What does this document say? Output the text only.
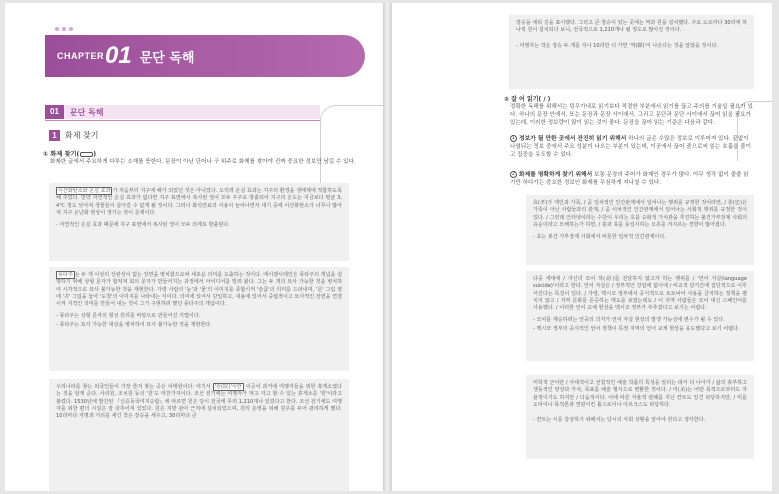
CHAPTER 01 문단 독해
01	문단 독해
1	화제 찾기
① 화제 찾기( )
화제란 글에서 주요하게 다루는 소재를 뜻한다. 문장이 아닌 단어나 구 위주로 화제를 찾아야 진짜 중요한 정보만 남길 수 있다.
이산화탄소와 온실 효과 가 처음부터 지구에 해가 되었던 것은 아니었다. 오히려 온실 효과는 지구의 환경을 생태계에 적합하도록 해 주었다. 만약 자연적인 온실 효과가 없다면 지구 표면에서 복사된 열이 모두 우주로 방출되어 지구의 온도는 지금보다 평균 3, 4℃ 정도 낮아져 생물들이 살아갈 수 없게 될 것이다. 그러나 화석연료의 사용이 늘어나면서 대기 중에 이산화탄소가 너무나 많아져 지구 온난화 현상이 생기는 것이 문제이다.
- 자연적인 온실 효과 때문에 지구 표면에서 복사된 열이 모두 외계로 방출된다.
몽타주 는 두 개 이상의 상관성이 없는 장면을 병치함으로써 새로운 의미를 도출하는 것이다. 에이젠시테인은 몽타주의 개념을 설명하기 위해 상형 문자가 합쳐져 회의 문자가 만들어지는 과정에서 아이디어를 빌려 왔다. 그는 두 개의 묘사 가능한 것을 병치하여 시각적으로 묘사 불가능한 것을 재현한다. 가령 사람의 '눈'과 '물'의 이미지를 종합시켜 '슬픔'의 의미를 드러내며, '문' 그림 옆에 '귀' 그림을 놓아 '도청'의 이미지를 나타내는 식이다. 의미에 있어서 단일하고, 내용에 있어서 중립적이고 묘사적인 장면을 연결시켜 지적인 의미를 만들어 내는 것이 그가 구현하려 했던 몽타주의 개념이다.
- 몽타주는 상형 문자의 형성 원리를 바탕으로 만들어진 기법이다.
- 몽타주는 묘사 가능한 대상을 병치하여 묘사 불가능한 것을 재현한다.
우리나라를 찾는 외국인들이 가장 즐겨 찾는 곳은 이태원이다. 여기서 '원(院)'이란 이곳이 과거에 여행자들을 위한 휴게소였다는 것을 알게 준다. 사리원, 조치원 등의 '원'도 마찬가지이다. 조선 전기에는 여행자가 먹고 자고 할 수 있는 휴게소를 '원'이라고 불렀다. 1530년에 발간된 『신증동국여지승람』에 따르면 원은 당시 전국에 무려 1,210개나 있었다고 한다. 조선 전기에도 여행자를 위한 편의 시설은 잘 갖추어져 있었다. 원은 지방 관아 근처에 설치되었으며, 원의 운영을 위해 원주를 두어 관리하게 했다. 10리마다 지명과 거리를 새긴 작은 장승을 세우고, 30리마다 큰
장승을 세워 길을 표시했다. 그리고 큰 장승이 있는 곳에는 역과 원을 설치했다. 주요 도로마다 30리에 하나씩 원이 설치되다 보니, 전국적으로 1,210개나 될 정도로 많아진 것이다.
- 여행자는 작은 장승 두 개를 지나 10리만 더 가면 '역(驛)'이 나온다는 것을 알았을 것이다.
② 잘 어 읽기( / )
정확한 독해를 위해서는 덩무가내로 읽기보다 적절한 부분에서 읽기를 끊고 주의를 기울일 필요가 있다. 하나의 문장 안에서, 또는 문장과 문장 사이에서, 그리고 문단과 문단 사이에서 끊어 읽을 필요가 있는데, 이러한 정보량이 많이 읽는 것이 좋다. 문장을 끊어 읽는 기준은 다음과 같다.
1 정보가 될 만한 곳에서 잔진히 읽기 위해서 하나의 글은 수많은 정보로 이루어져 있다. 끝없이 나열되는 정보 중에서 주요 성분이 나오는 부분이 있는데, 이곳에서 끊어 줌으로써 읽는 호흡을 줄이고 집중을 유도할 수 있다.
2 화제를 명확하게 찾기 위해서 보통 문장의 주어가 화제인 경우가 많다. 아무 생각 없이 줄줄 읽기만 하다가는 중요한 정보인 화제를 무심하게 지나칠 수 있다.
효(孝)가 개인과 가족, / 곧 일차적인 인간관계에서 일어나는 행위를 규정한 것이라면, / 충(忠)은 가족이 아닌 사람들과의 관계, / 곧 이차적인 인간관계에서 일어나는 사회적 행위를 규정한 것이었다. / 그런데 인터넷이라는 수단이 우리는 호를 승화적 가치관을 추진하는 불건가부장제 사회의 유순이라고 모해하는가 하면, / 충과 효를 동일시하는 오류를 저지르는 경향이 많아졌다.
- 효는 봉건 가부장제 사회에서 비롯한 일차적 인간관계이다.
다중 세대에 / 자신의 모어 하(語)를 전달하지 않고자 하는 행위를 / '언어 자살(language suicide)'이라고 한다. 언어 자살은 / 정부적인 강압에 없이에 / 비교적 단기간에 집단적으로 이루어진다는 특징이 있다. / 가령, 멕시코 정부에서 공식적으로 토토낙어 사용을 금지하는 정책을 펼치지 않고 / 지역 문화를 존중하는 태도를 보였는데도 / 이 지역 사람들은 모어 대신 스페인어를 사용했다. / 이러한 언어 교체 현상을 멕시코 정부가 부추겼다고 보기는 어렵다.
- 모어를 계승하려는 언중의 의지가 언어 자살 현상의 발생 가능성에 변수가 될 수 있다.
- 멕시코 정부의 공식적인 언어 정책이 특정 지역의 언어 교체 현상을 유도했다고 보기 어렵다.
미학적 군이란 / 사대적이고 선험적인 예술 작품의 특성을 알리는 데서 더 나아가 / 삶의 총부하고 생동적인 양상과 가치, 목표를 예술 형식으로 변환한 것이다. / 미(美)는 어떤 목적으로부터도 자율적이기도 하지만 / 다움적이다. 이에 따른 자율적 관례를 지닌 칸트도 일견 타당하지만, / 미를 도덕이나 목적론과 연관시킨 톨스토이나 아르크스도 타당하다.
- 칸트는 시를 감상하기 위해서는 당시의 사회 상황을 알아야 한다고 생각한다.
